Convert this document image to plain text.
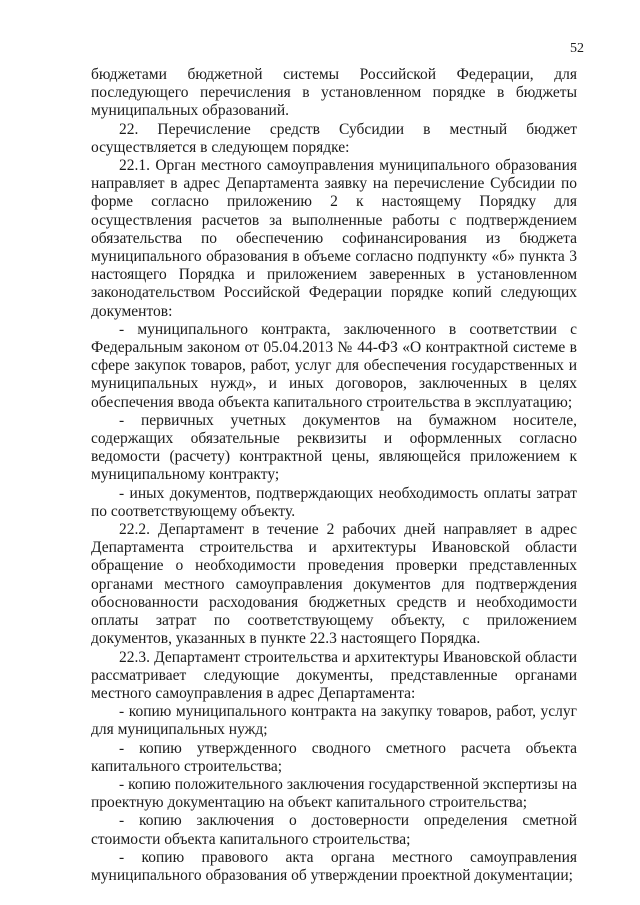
52

бюджетами бюджетной системы Российской Федерации, для последующего перечисления в установленном порядке в бюджеты муниципальных образований.

22. Перечисление средств Субсидии в местный бюджет осуществляется в следующем порядке:

22.1. Орган местного самоуправления муниципального образования направляет в адрес Департамента заявку на перечисление Субсидии по форме согласно приложению 2 к настоящему Порядку для осуществления расчетов за выполненные работы с подтверждением обязательства по обеспечению софинансирования из бюджета муниципального образования в объеме согласно подпункту «б» пункта 3 настоящего Порядка и приложением заверенных в установленном законодательством Российской Федерации порядке копий следующих документов:

- муниципального контракта, заключенного в соответствии с Федеральным законом от 05.04.2013 № 44-ФЗ «О контрактной системе в сфере закупок товаров, работ, услуг для обеспечения государственных и муниципальных нужд», и иных договоров, заключенных в целях обеспечения ввода объекта капитального строительства в эксплуатацию;

- первичных учетных документов на бумажном носителе, содержащих обязательные реквизиты и оформленных согласно ведомости (расчету) контрактной цены, являющейся приложением к муниципальному контракту;

- иных документов, подтверждающих необходимость оплаты затрат по соответствующему объекту.

22.2. Департамент в течение 2 рабочих дней направляет в адрес Департамента строительства и архитектуры Ивановской области обращение о необходимости проведения проверки представленных органами местного самоуправления документов для подтверждения обоснованности расходования бюджетных средств и необходимости оплаты затрат по соответствующему объекту, с приложением документов, указанных в пункте 22.3 настоящего Порядка.

22.3. Департамент строительства и архитектуры Ивановской области рассматривает следующие документы, представленные органами местного самоуправления в адрес Департамента:

- копию муниципального контракта на закупку товаров, работ, услуг для муниципальных нужд;

- копию утвержденного сводного сметного расчета объекта капитального строительства;

- копию положительного заключения государственной экспертизы на проектную документацию на объект капитального строительства;

- копию заключения о достоверности определения сметной стоимости объекта капитального строительства;

- копию правового акта органа местного самоуправления муниципального образования об утверждении проектной документации;
